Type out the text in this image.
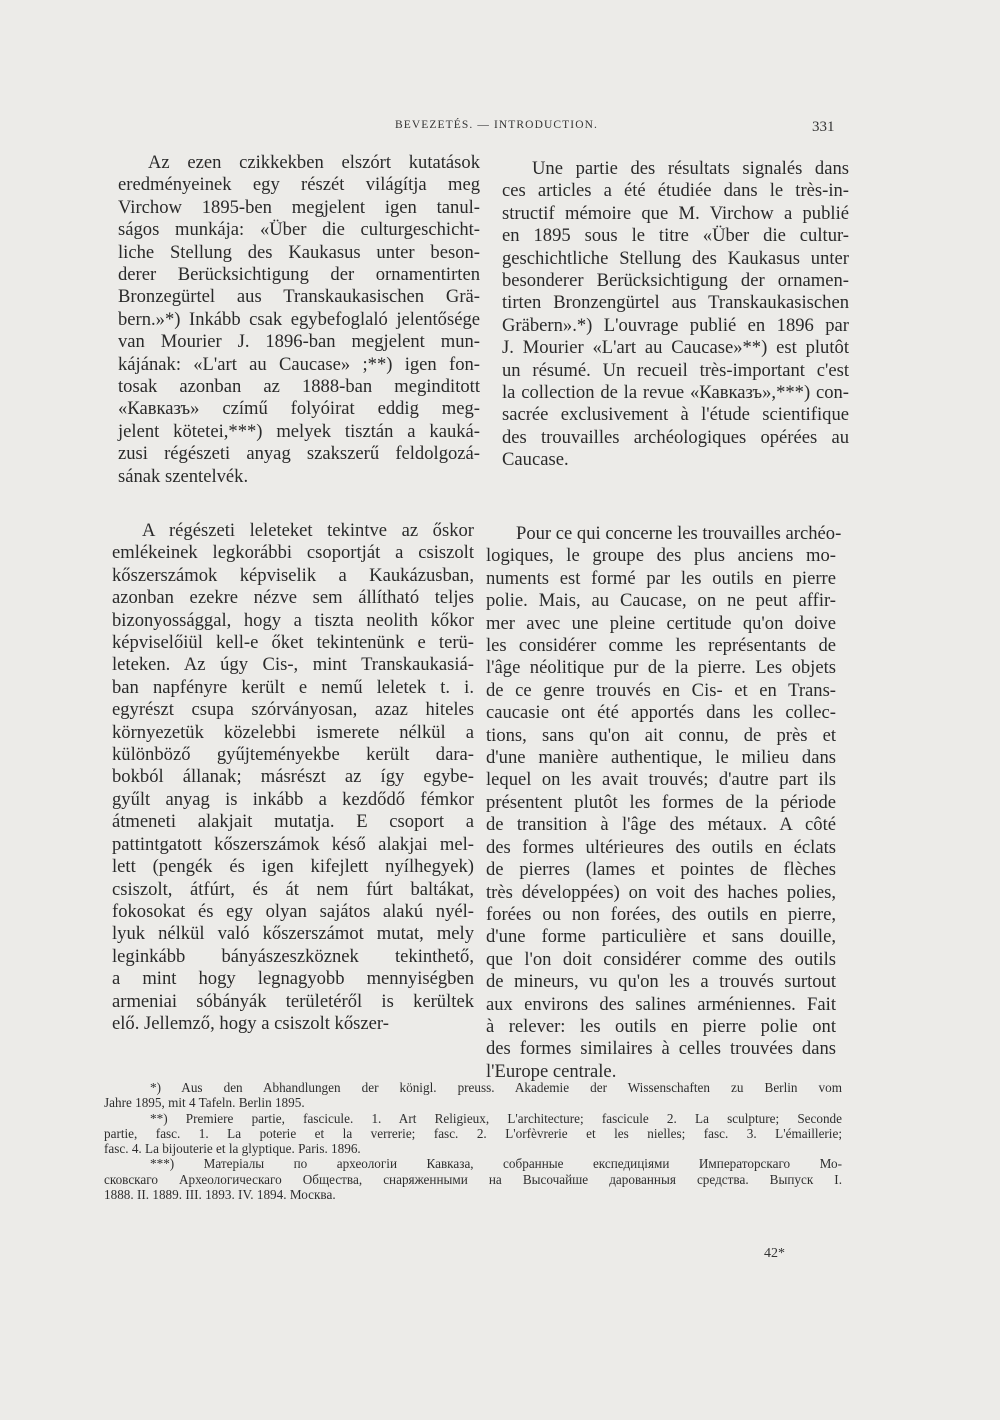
BEVEZETÉS. — INTRODUCTION.	331

Az ezen czikkekben elszórt kutatások
eredményeinek egy részét világítja meg
Virchow 1895-ben megjelent igen tanul-
ságos munkája: «Über die culturgeschicht-
liche Stellung des Kaukasus unter beson-
derer Berücksichtigung der ornamentirten
Bronzegürtel aus Transkaukasischen Grä-
bern.»*) Inkább csak egybefoglaló jelentősége
van Mourier J. 1896-ban megjelent mun-
kájának: «L'art au Caucase» ;**) igen fon-
tosak azonban az 1888-ban meginditott
«Кавказъ» czímű folyóirat eddig meg-
jelent kötetei,***) melyek tisztán a kauká-
zusi régészeti anyag szakszerű feldolgozá-
sának szentelvék.

Une partie des résultats signalés dans
ces articles a été étudiée dans le très-in-
structif mémoire que M. Virchow a publié
en 1895 sous le titre «Über die cultur-
geschichtliche Stellung des Kaukasus unter
besonderer Berücksichtigung der ornamen-
tirten Bronzengürtel aus Transkaukasischen
Gräbern».*) L'ouvrage publié en 1896 par
J. Mourier «L'art au Caucase»**) est plutôt
un résumé. Un recueil très-important c'est
la collection de la revue «Кавказъ»,***) con-
sacrée exclusivement à l'étude scientifique
des trouvailles archéologiques opérées au
Caucase.

A régészeti leleteket tekintve az őskor
emlékeinek legkorábbi csoportját a csiszolt
kőszerszámok képviselik a Kaukázusban,
azonban ezekre nézve sem állítható teljes
bizonyossággal, hogy a tiszta neolith kőkor
képviselőiül kell-e őket tekintenünk e terü-
leteken. Az úgy Cis-, mint Transkaukasiá-
ban napfényre került e nemű leletek t. i.
egyrészt csupa szórványosan, azaz hiteles
környezetük közelebbi ismerete nélkül a
különböző gyűjteményekbe került dara-
bokból állanak; másrészt az így egybe-
gyűlt anyag is inkább a kezdődő fémkor
átmeneti alakjait mutatja. E csoport a
pattintgatott kőszerszámok késő alakjai mel-
lett (pengék és igen kifejlett nyílhegyek)
csiszolt, átfúrt, és át nem fúrt baltákat,
fokosokat és egy olyan sajátos alakú nyél-
lyuk nélkül való kőszerszámot mutat, mely
leginkább bányászeszköznek tekinthető,
a mint hogy legnagyobb mennyiségben
armeniai sóbányák területéről is kerültek
elő. Jellemző, hogy a csiszolt kőszer-

Pour ce qui concerne les trouvailles archéo-
logiques, le groupe des plus anciens mo-
numents est formé par les outils en pierre
polie. Mais, au Caucase, on ne peut affir-
mer avec une pleine certitude qu'on doive
les considérer comme les représentants de
l'âge néolitique pur de la pierre. Les objets
de ce genre trouvés en Cis- et en Trans-
caucasie ont été apportés dans les collec-
tions, sans qu'on ait connu, de près et
d'une manière authentique, le milieu dans
lequel on les avait trouvés; d'autre part ils
présentent plutôt les formes de la période
de transition à l'âge des métaux. A côté
des formes ultérieures des outils en éclats
de pierres (lames et pointes de flèches
très développées) on voit des haches polies,
forées ou non forées, des outils en pierre,
d'une forme particulière et sans douille,
que l'on doit considérer comme des outils
de mineurs, vu qu'on les a trouvés surtout
aux environs des salines arméniennes. Fait
à relever: les outils en pierre polie ont
des formes similaires à celles trouvées dans
l'Europe centrale.

*) Aus den Abhandlungen der königl. preuss. Akademie der Wissenschaften zu Berlin vom
Jahre 1895, mit 4 Tafeln. Berlin 1895.

**) Premiere partie, fascicule. 1. Art Religieux, L'architecture; fascicule 2. La sculpture; Seconde
partie, fasc. 1. La poterie et la verrerie; fasc. 2. L'orfèvrerie et les nielles; fasc. 3. L'émaillerie;
fasc. 4. La bijouterie et la glyptique. Paris. 1896.

***) Матеріалы по археологіи Кавказа, собранные експедиціями Императорскаго Мо-
сковскаго Археологическаго Общества, снаряженными на Высочайше дарованныя средства. Выпуск I.
1888. II. 1889. III. 1893. IV. 1894. Москва.

42*
